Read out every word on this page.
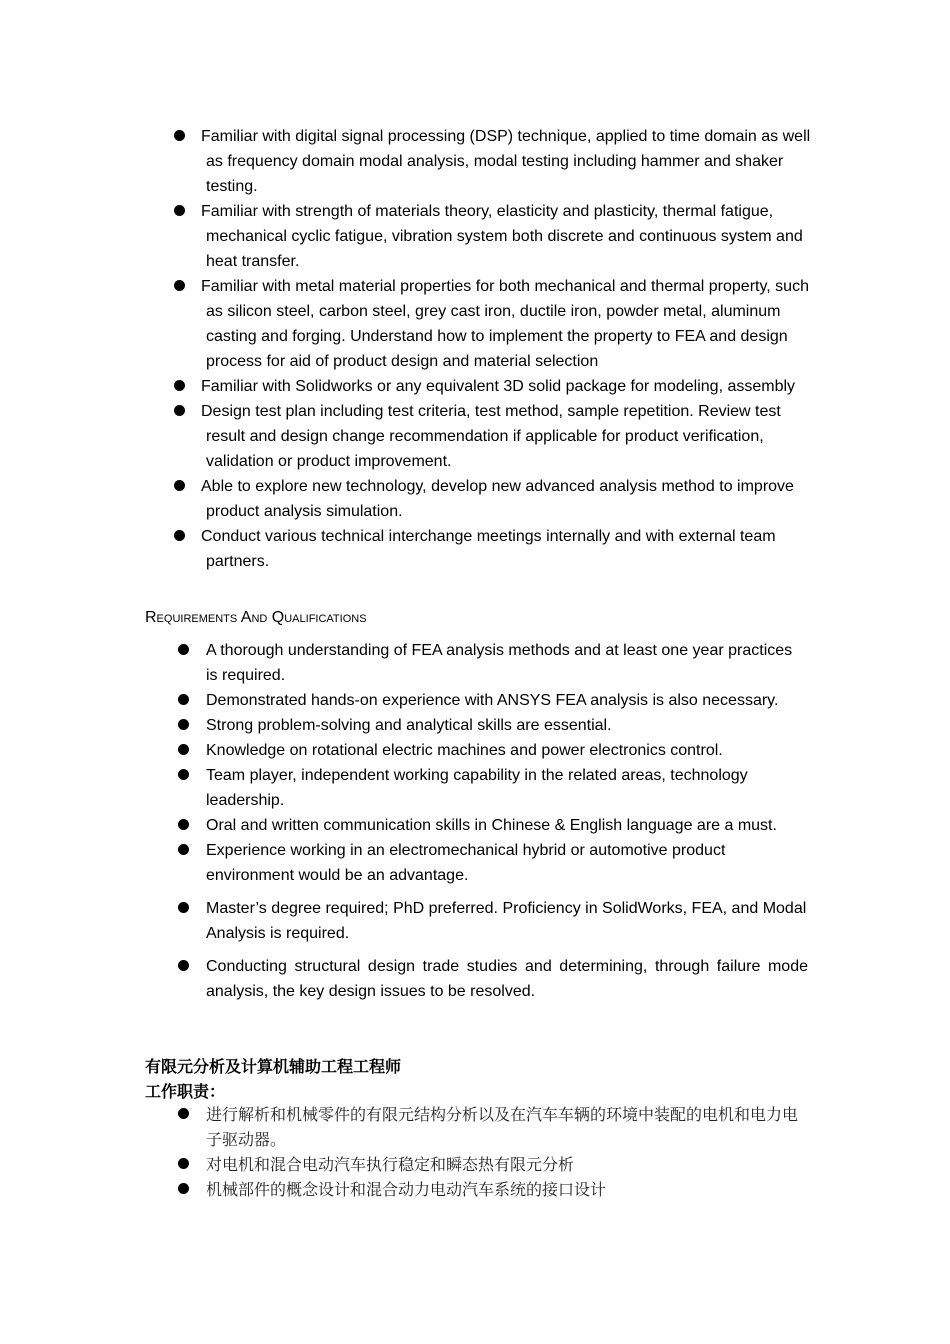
Familiar with digital signal processing (DSP) technique, applied to time domain as well as frequency domain modal analysis, modal testing including hammer and shaker testing.
Familiar with strength of materials theory, elasticity and plasticity, thermal fatigue, mechanical cyclic fatigue, vibration system both discrete and continuous system and heat transfer.
Familiar with metal material properties for both mechanical and thermal property, such as silicon steel, carbon steel, grey cast iron, ductile iron, powder metal, aluminum casting and forging. Understand how to implement the property to FEA and design process for aid of product design and material selection
Familiar with Solidworks or any equivalent 3D solid package for modeling, assembly
Design test plan including test criteria, test method, sample repetition. Review test result and design change recommendation if applicable for product verification, validation or product improvement.
Able to explore new technology, develop new advanced analysis method to improve product analysis simulation.
Conduct various technical interchange meetings internally and with external team partners.
Requirements And Qualifications
A thorough understanding of FEA analysis methods and at least one year practices is required.
Demonstrated hands-on experience with ANSYS FEA analysis is also necessary.
Strong problem-solving and analytical skills are essential.
Knowledge on rotational electric machines and power electronics control.
Team player, independent working capability in the related areas, technology leadership.
Oral and written communication skills in Chinese & English language are a must.
Experience working in an electromechanical hybrid or automotive product environment would be an advantage.
Master’s degree required; PhD preferred. Proficiency in SolidWorks, FEA, and Modal Analysis is required.
Conducting structural design trade studies and determining, through failure mode analysis, the key design issues to be resolved.
有限元分析及计算机辅助工程工程师
工作职责：
进行解析和机械零件的有限元结构分析以及在汽车车辆的环境中装配的电机和电力电子驱动器。
对电机和混合电动汽车执行稳定和瞬态热有限元分析
机械部件的概念设计和混合动力电动汽车系统的接口设计
